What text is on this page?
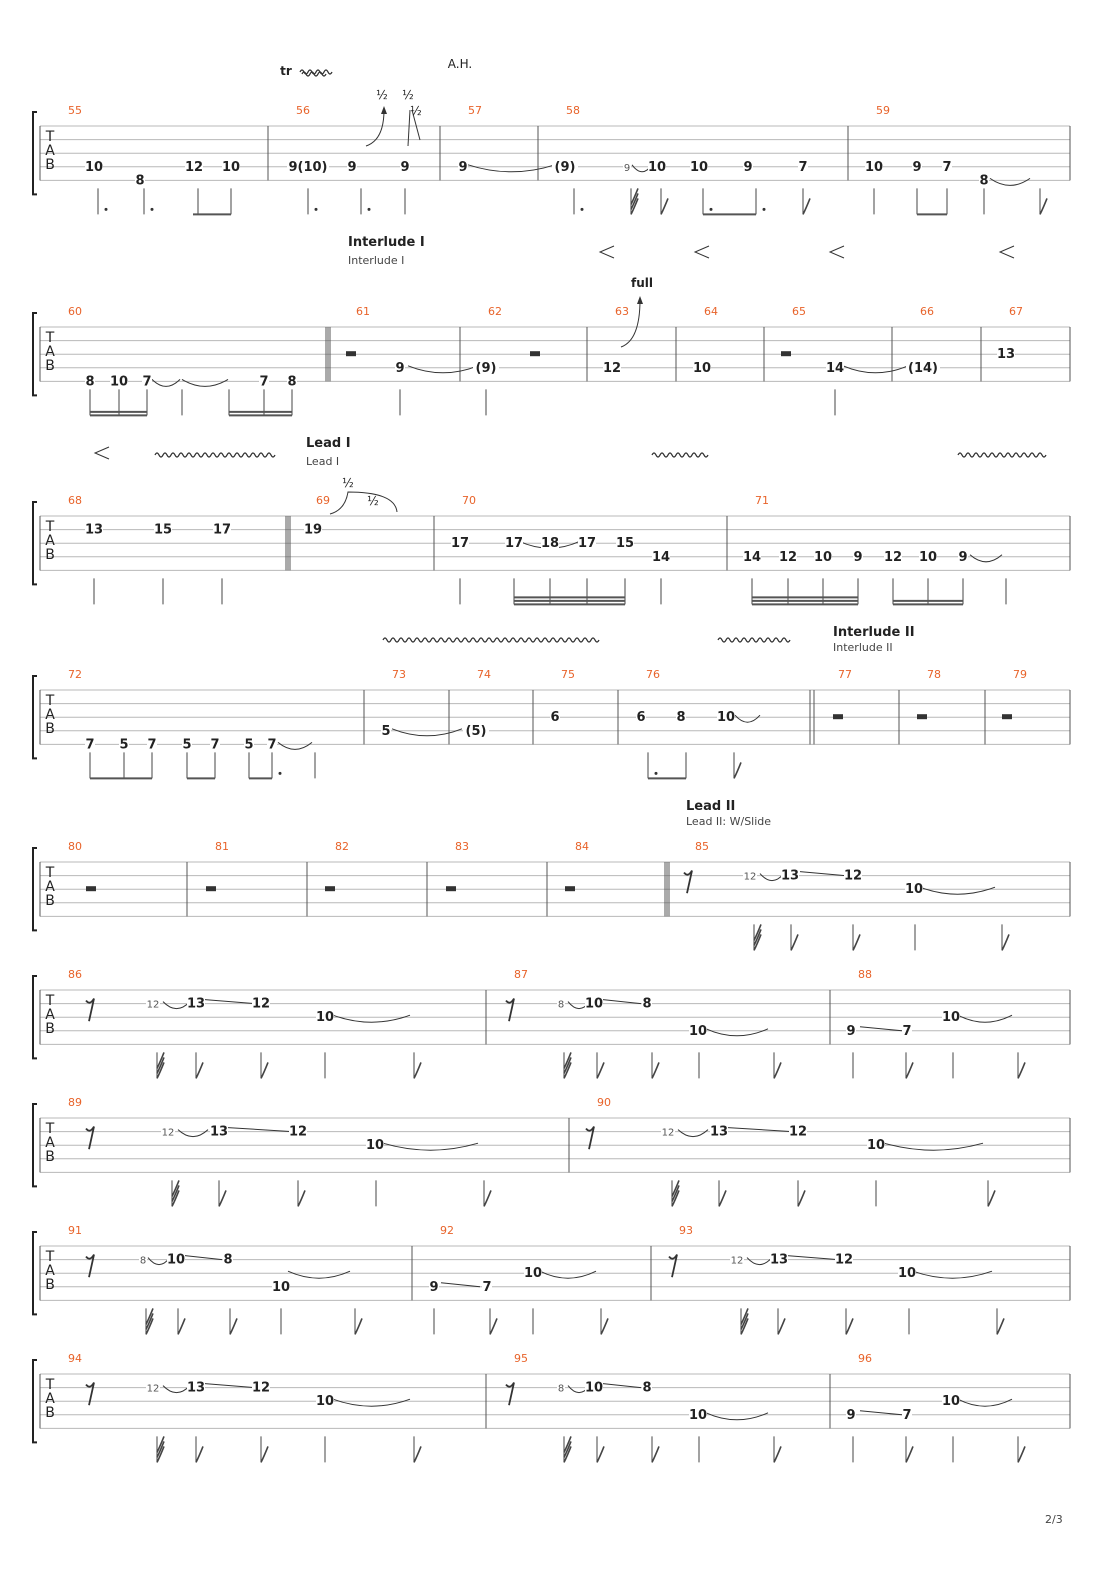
T
A
B
55	56	57	58	59
tr	A.H.
½ ½
½
10
8
12 10	9(10) 9	9	9	(9)	9 10 10	9	7	10 9 7
8
T
A
B
60	61	62	63	64	65	66	67
Interlude I
Interlude I
full
8 10 7	7 8
9	(9)	12	10	14	(14)
13
T
A
B
68	69	70	71
Lead I
Lead I
½
½
13	15	17	19
17	17 18 17 15
14	14 12 10 9 12 10 9
T
A
B
72	73	74	75	76	77	78	79
Interlude II
Interlude II
7 5 7 5 7 5 7
5	(5)
6	6 8 10
T
A
B
80	81	82	83	84	85
Lead II
Lead II: W/Slide
12 13	12
10
T
A
B
86	87	88
12 13	12
10
8 10	8
10	9	7
10
T
A
B
89	90
12	13	12
10
12	13	12
10
T
A
B
91	92	93
8 10	8
10	9	7
10
12 13	12
10
T
A
B
94	95	96
12 13	12
10
8 10	8
10	9	7
10
2/3
